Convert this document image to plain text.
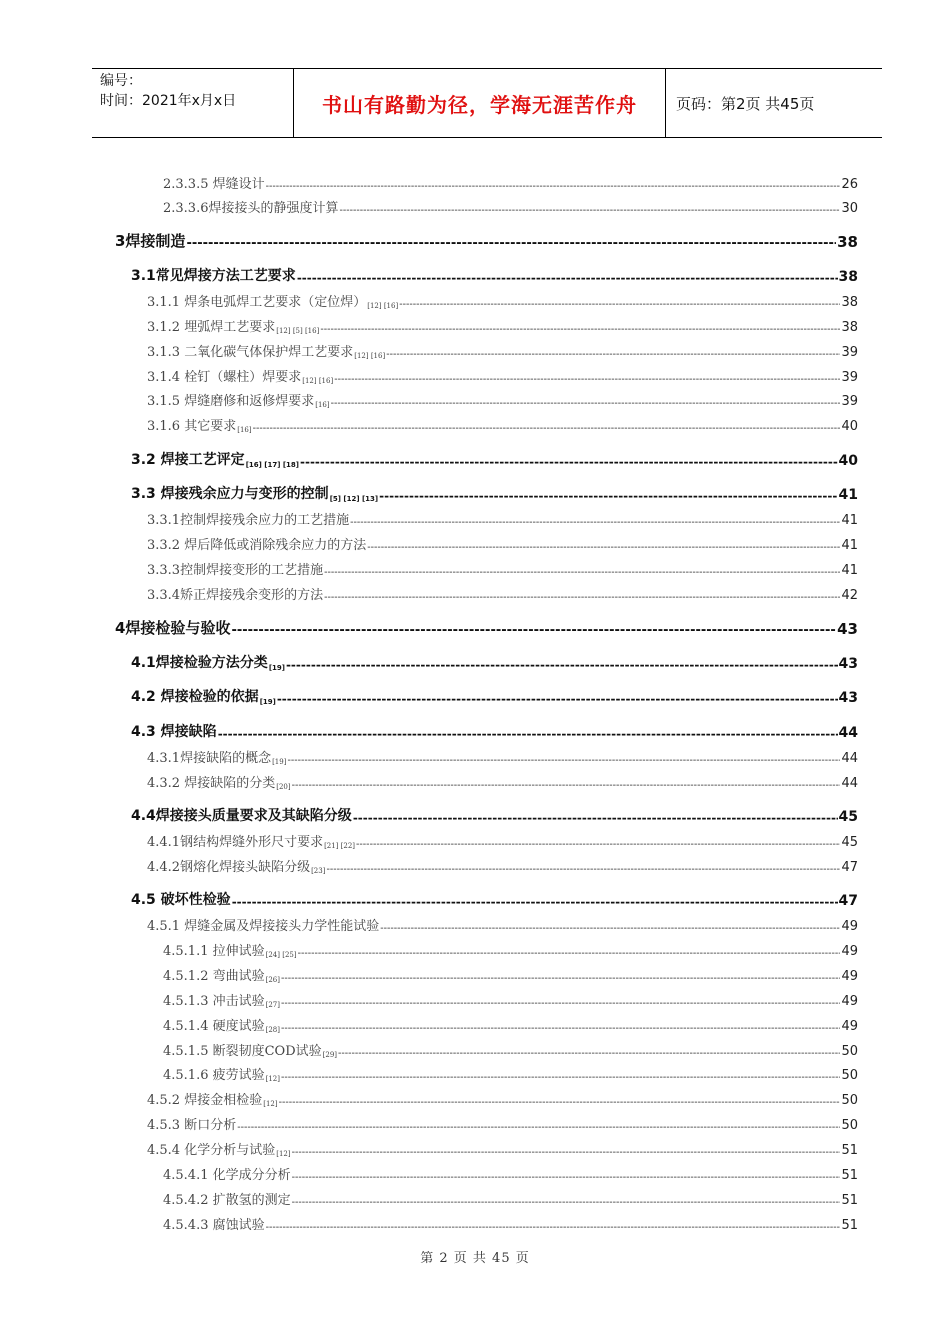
编号：
时间：2021年x月x日	书山有路勤为径，学海无涯苦作舟	页码：第2页 共45页
2.3.3.5 焊缝设计 -----	26
2.3.3.6焊接接头的静强度计算 -----	30
3焊接制造 -----	38
3.1常见焊接方法工艺要求 -----	38
3.1.1 焊条电弧焊工艺要求（定位焊）$_{[12] [16]}$ -----	38
3.1.2 埋弧焊工艺要求$_{[12] [5] [16]}$ -----	38
3.1.3 二氧化碳气体保护焊工艺要求$_{[12] [16]}$ -----	39
3.1.4 栓钉（螺柱）焊要求$_{[12] [16]}$ -----	39
3.1.5 焊缝磨修和返修焊要求$_{[16]}$ -----	39
3.1.6 其它要求$_{[16]}$ -----	40
3.2 焊接工艺评定$_{[16] [17] [18]}$ -----	40
3.3 焊接残余应力与变形的控制$_{[5] [12] [13]}$ -----	41
3.3.1控制焊接残余应力的工艺措施 -----	41
3.3.2 焊后降低或消除残余应力的方法 -----	41
3.3.3控制焊接变形的工艺措施 -----	41
3.3.4矫正焊接残余变形的方法 -----	42
4焊接检验与验收 -----	43
4.1焊接检验方法分类$_{[19]}$ -----	43
4.2 焊接检验的依据$_{[19]}$ -----	43
4.3 焊接缺陷 -----	44
4.3.1焊接缺陷的概念$_{[19]}$ -----	44
4.3.2 焊接缺陷的分类$_{[20]}$ -----	44
4.4焊接接头质量要求及其缺陷分级 -----	45
4.4.1钢结构焊缝外形尺寸要求$_{[21] [22]}$ -----	45
4.4.2钢熔化焊接头缺陷分级$_{[23]}$ -----	47
4.5 破坏性检验 -----	47
4.5.1 焊缝金属及焊接接头力学性能试验 -----	49
4.5.1.1 拉伸试验$_{[24] [25]}$ -----	49
4.5.1.2 弯曲试验$_{[26]}$ -----	49
4.5.1.3 冲击试验$_{[27]}$ -----	49
4.5.1.4 硬度试验$_{[28]}$ -----	49
4.5.1.5 断裂韧度COD试验$_{[29]}$ -----	50
4.5.1.6 疲劳试验$_{[12]}$ -----	50
4.5.2 焊接金相检验$_{[12]}$ -----	50
4.5.3 断口分析 -----	50
4.5.4 化学分析与试验$_{[12]}$ -----	51
4.5.4.1 化学成分分析 -----	51
4.5.4.2 扩散氢的测定 -----	51
4.5.4.3 腐蚀试验 -----	51
第 2 页 共 45 页
